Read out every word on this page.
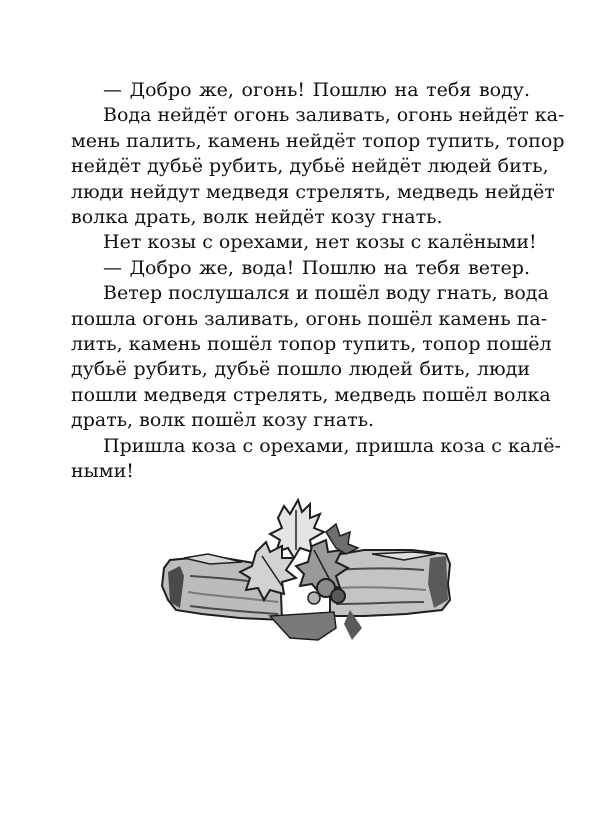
— Добро же, огонь! Пошлю на тебя воду.
Вода нейдёт огонь заливать, огонь нейдёт ка-
мень палить, камень нейдёт топор тупить, топор
нейдёт дубьё рубить, дубьё нейдёт людей бить,
люди нейдут медведя стрелять, медведь нейдёт
волка драть, волк нейдёт козу гнать.
Нет козы с орехами, нет козы с калёными!
— Добро же, вода! Пошлю на тебя ветер.
Ветер послушался и пошёл воду гнать, вода
пошла огонь заливать, огонь пошёл камень па-
лить, камень пошёл топор тупить, топор пошёл
дубьё рубить, дубьё пошло людей бить, люди
пошли медведя стрелять, медведь пошёл волка
драть, волк пошёл козу гнать.
Пришла коза с орехами, пришла коза с калё-
ными!
